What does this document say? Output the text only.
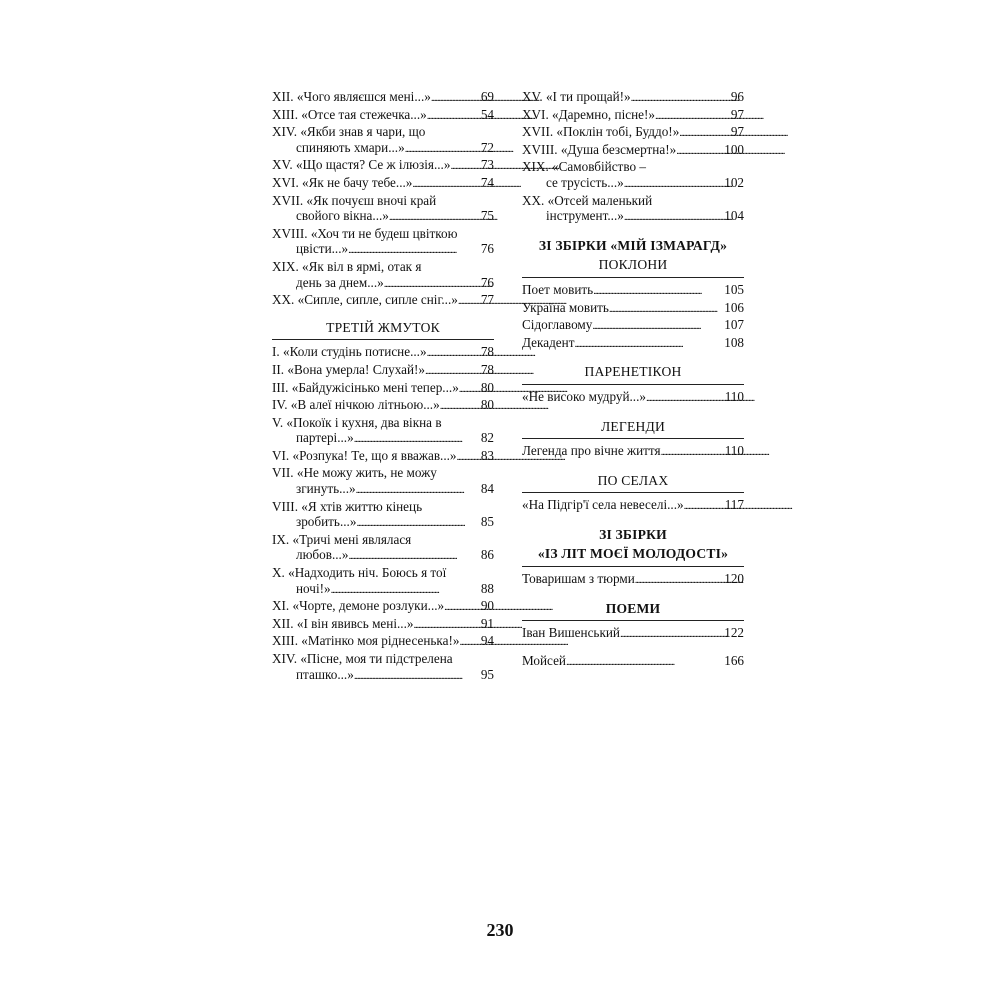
XII. «Чого являєшся мені...» . . .	69
XIII. «Отсе тая стежечка...» . . .	54
XIV. «Якби знав я чари, що
спиняють хмари...» . . .	72
XV. «Що щастя? Се ж ілюзія...» . . . 73
XVI. «Як не бачу тебе...» . . .	74
XVII. «Як почуєш вночі край
свойого вікна...» . . .	75
XVIII. «Хоч ти не будеш цвіткою
цвісти...» . . .	76
XIX. «Як віл в ярмі, отак я
день за днем...» . . .	76
XX. «Сипле, сипле, сипле сніг...» . . . 77
ТРЕТІЙ ЖМУТОК
I. «Коли студінь потисне...» . . .	78
II. «Вона умерла! Слухай!» . . .	78
III. «Байдужісінько мені тепер...» . . . 80
IV. «В алеї нічкою літньою...» . . .	80
V. «Покоїк і кухня, два вікна в
партері...» . . .	82
VI. «Розпука! Те, що я вважав...» . . . 83
VII. «Не можу жить, не можу
згинуть...» . . .	84
VIII. «Я хтів життю кінець
зробить...» . . .	85
IX. «Тричі мені являлася
любов...» . . .	86
X. «Надходить ніч. Боюсь я тої
ночі!» . . .	88
XI. «Чорте, демоне розлуки...» . . .	90
XII. «І він явивсь мені...» . . .	91
XIII. «Матінко моя ріднесенька!» . . . 94
XIV. «Пісне, моя ти підстрелена
пташко...» . . .	95
XV. «І ти прощай!» . . .	96
XVI. «Даремно, пісне!» . . .	97
XVII. «Поклін тобі, Буддо!» . . .	97
XVIII. «Душа безсмертна!» . . .	100
XIX. «Самовбійство –
се трусість...» . . .	102
XX. «Отсей маленький
інструмент...» . . .	104
ЗІ ЗБІРКИ «МІЙ ІЗМАРАГД»
ПОКЛОНИ
Поет мовить . . .	105
Україна мовить . . .	106
Сідоглавому . . .	107
Декадент . . .	108
ПАРЕНЕТІКОН
«Не високо мудруй...» . . .	110
ЛЕГЕНДИ
Легенда про вічне життя . . .	110
ПО СЕЛАХ
«На Підгір'ї села невеселі...» . . .	117
ЗІ ЗБІРКИ
«ІЗ ЛІТ МОЄЇ МОЛОДОСТІ»
Товаришам з тюрми . . .	120
ПОЕМИ
Іван Вишенський . . .	122
Мойсей . . .	166
230
